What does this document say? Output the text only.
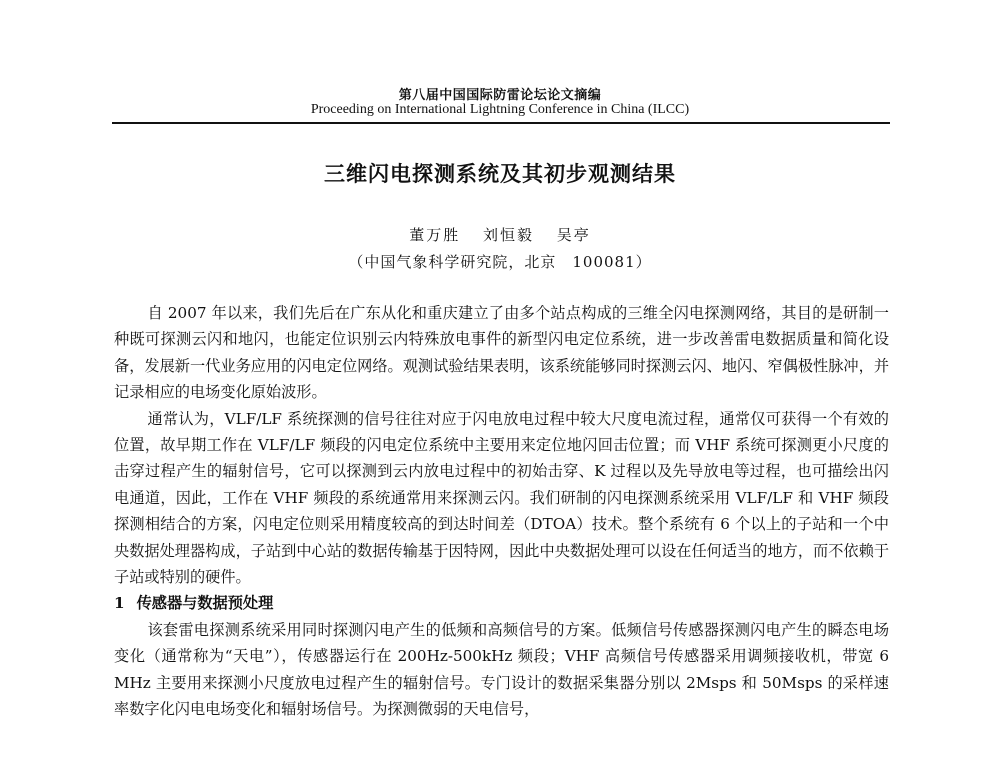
第八届中国国际防雷论坛论文摘编
Proceeding on International Lightning Conference in China (ILCC)
三维闪电探测系统及其初步观测结果
董万胜 刘恒毅 吴亭
（中国气象科学研究院，北京　100081）

自 2007 年以来，我们先后在广东从化和重庆建立了由多个站点构成的三维全闪电探测网络，其目的是研制一种既可探测云闪和地闪，也能定位识别云内特殊放电事件的新型闪电定位系统，进一步改善雷电数据质量和简化设备，发展新一代业务应用的闪电定位网络。观测试验结果表明，该系统能够同时探测云闪、地闪、窄偶极性脉冲，并记录相应的电场变化原始波形。

通常认为，VLF/LF 系统探测的信号往往对应于闪电放电过程中较大尺度电流过程，通常仅可获得一个有效的位置，故早期工作在 VLF/LF 频段的闪电定位系统中主要用来定位地闪回击位置；而 VHF 系统可探测更小尺度的击穿过程产生的辐射信号，它可以探测到云内放电过程中的初始击穿、K 过程以及先导放电等过程，也可描绘出闪电通道，因此，工作在 VHF 频段的系统通常用来探测云闪。我们研制的闪电探测系统采用 VLF/LF 和 VHF 频段探测相结合的方案，闪电定位则采用精度较高的到达时间差（DTOA）技术。整个系统有 6 个以上的子站和一个中央数据处理器构成，子站到中心站的数据传输基于因特网，因此中央数据处理可以设在任何适当的地方，而不依赖于子站或特别的硬件。

1 传感器与数据预处理

该套雷电探测系统采用同时探测闪电产生的低频和高频信号的方案。低频信号传感器探测闪电产生的瞬态电场变化（通常称为“天电”），传感器运行在 200Hz-500kHz 频段；VHF 高频信号传感器采用调频接收机，带宽 6 MHz 主要用来探测小尺度放电过程产生的辐射信号。专门设计的数据采集器分别以 2Msps 和 50Msps 的采样速率数字化闪电电场变化和辐射场信号。为探测微弱的天电信号，
